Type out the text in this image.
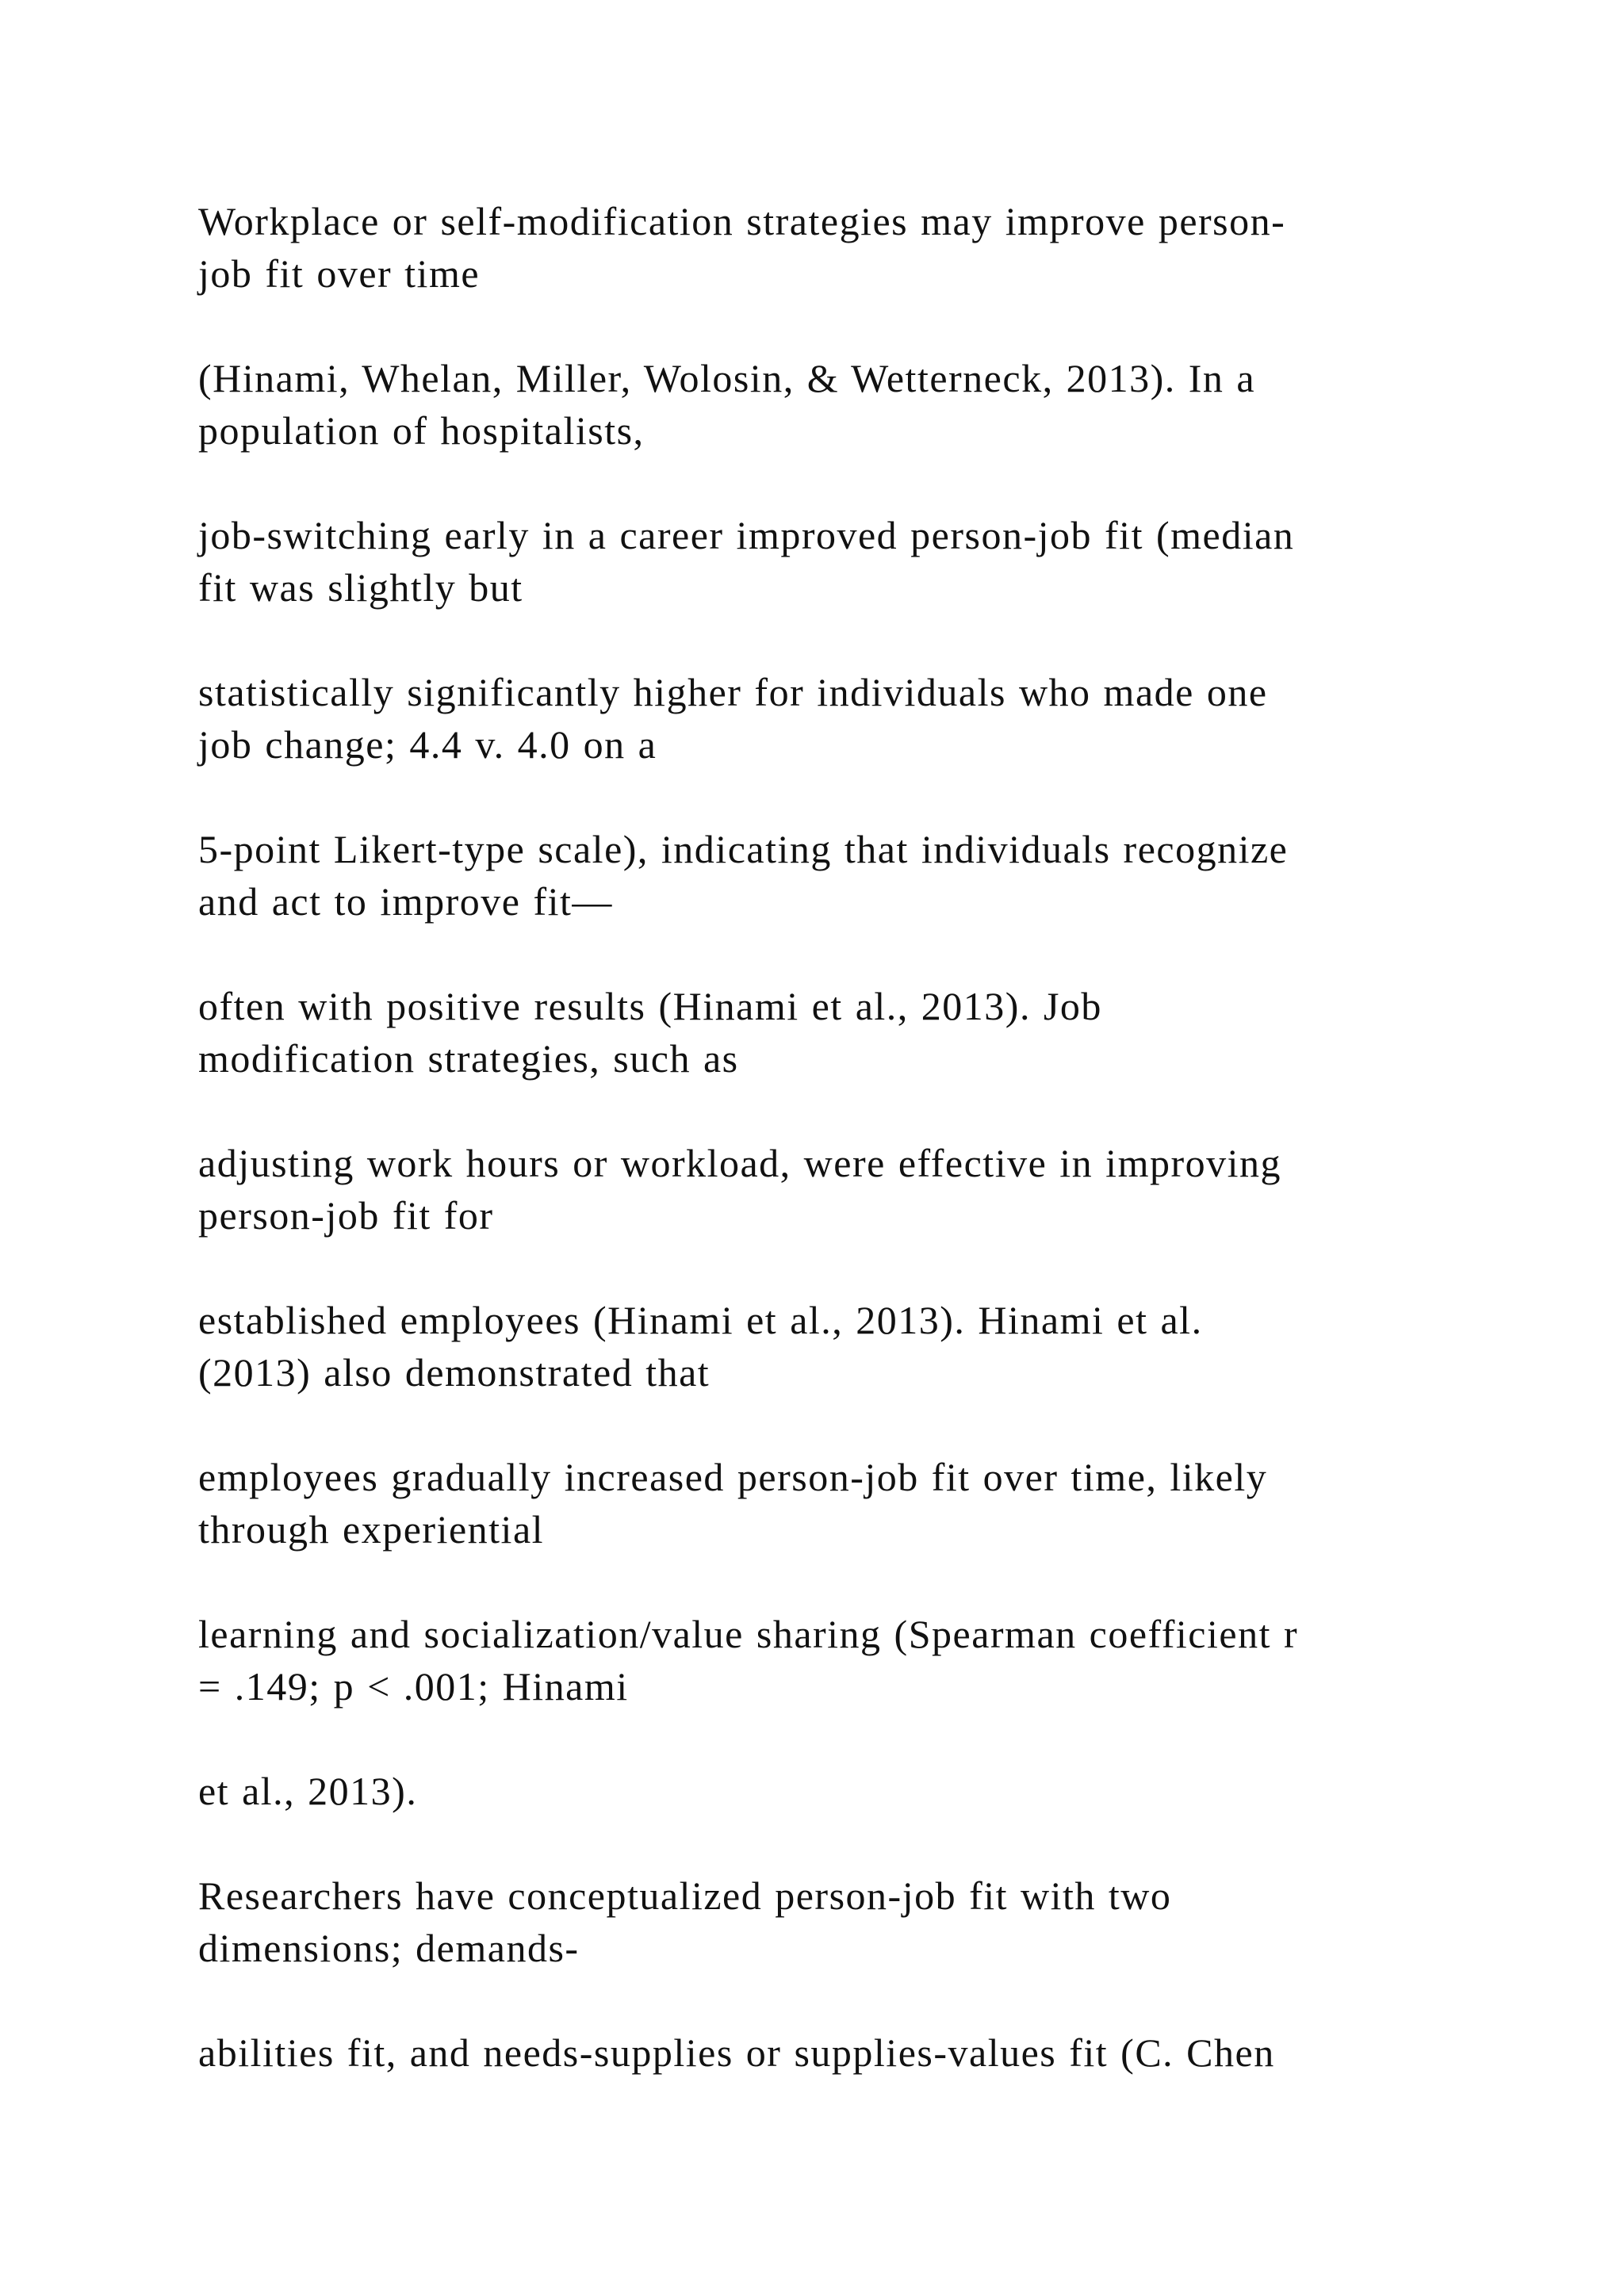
Workplace or self-modification strategies may improve person-
job fit over time

(Hinami, Whelan, Miller, Wolosin, & Wetterneck, 2013). In a
population of hospitalists,

job-switching early in a career improved person-job fit (median
fit was slightly but

statistically significantly higher for individuals who made one
job change; 4.4 v. 4.0 on a

5-point Likert-type scale), indicating that individuals recognize
and act to improve fit—

often with positive results (Hinami et al., 2013). Job
modification strategies, such as

adjusting work hours or workload, were effective in improving
person-job fit for

established employees (Hinami et al., 2013). Hinami et al.
(2013) also demonstrated that

employees gradually increased person-job fit over time, likely
through experiential

learning and socialization/value sharing (Spearman coefficient r
= .149; p < .001; Hinami

et al., 2013).

Researchers have conceptualized person-job fit with two
dimensions; demands-

abilities fit, and needs-supplies or supplies-values fit (C. Chen
